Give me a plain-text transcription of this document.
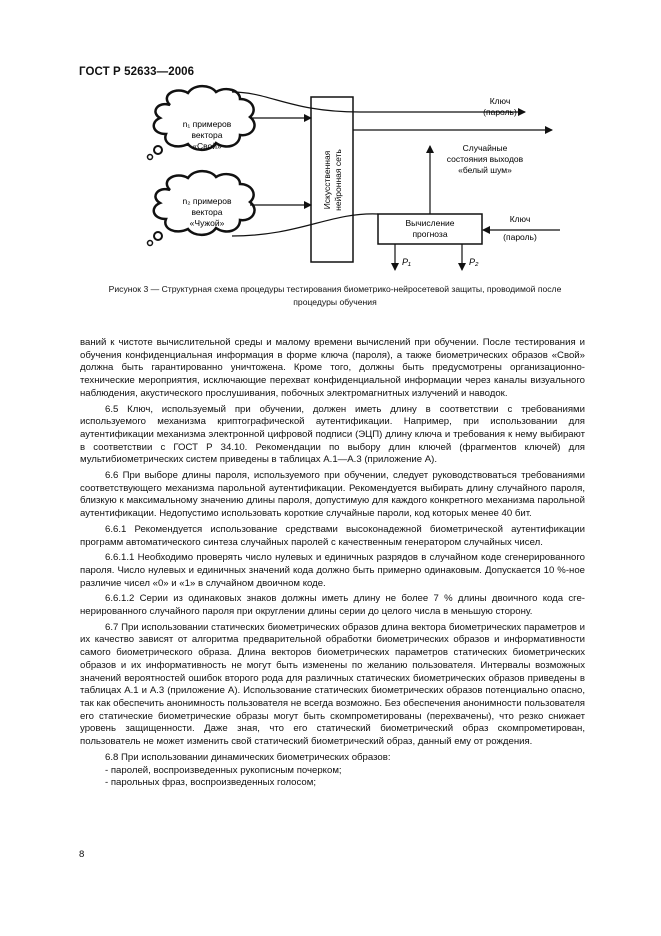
ГОСТ Р 52633—2006
n₁ примеров
вектора
«Свой»
n₂ примеров
вектора
«Чужой»
Искусственная нейронная сеть
Ключ
(пароль)
Случайные
состояния выходов
«белый шум»
Вычисление
прогноза
Ключ
(пароль)
P₁	P₂
Рисунок 3 — Структурная схема процедуры тестирования биометрико-нейросетевой защиты, проводимой после
процедуры обучения

ваний к чистоте вычислительной среды и малому времени вычислений при обучении. После тестирования и обучения конфиденциальная информация в форме ключа (пароля), а также биометрических образов «Свой» должна быть гарантированно уничтожена. Кроме того, должны быть предусмотрены организационно-технические мероприятия, исключающие перехват конфиденциальной информации через каналы визуального наблюдения, акустического прослушивания, побочных электромагнитных излучений и наводок.

6.5 Ключ, используемый при обучении, должен иметь длину в соответствии с требованиями используемого механизма криптографической аутентификации. Например, при использовании для аутентификации механизма электронной цифровой подписи (ЭЦП) длину ключа и требования к нему выбирают в соответствии с ГОСТ Р 34.10. Рекомендации по выбору длин ключей (фрагментов ключей) для мультибиометрических систем приведены в таблицах А.1—А.3 (приложение А).

6.6 При выборе длины пароля, используемого при обучении, следует руководствоваться требованиями соответствующего механизма парольной аутентификации. Рекомендуется выбирать длину случайного пароля, близкую к максимальному значению длины пароля, допустимую для каждого конкретного механизма парольной аутентификации. Недопустимо использовать короткие случайные пароли, код которых менее 40 бит.

6.6.1 Рекомендуется использование средствами высоконадежной биометрической аутентификации программ автоматического синтеза случайных паролей с качественным генератором случайных чисел.

6.6.1.1 Необходимо проверять число нулевых и единичных разрядов в случайном коде сгенерированного пароля. Число нулевых и единичных значений кода должно быть примерно одинаковым. Допускается 10 %-ное различие чисел «0» и «1» в случайном двоичном коде.

6.6.1.2 Серии из одинаковых знаков должны иметь длину не более 7 % длины двоичного кода сгенерированного случайного пароля при округлении длины серии до целого числа в меньшую сторону.

6.7 При использовании статических биометрических образов длина вектора биометрических параметров и их качество зависят от алгоритма предварительной обработки биометрических образов и информативности самого биометрического образа. Длина векторов биометрических параметров статических биометрических образов и их информативность не могут быть изменены по желанию пользователя. Интервалы возможных значений вероятностей ошибок второго рода для различных статических биометрических образов приведены в таблицах А.1 и А.3 (приложение А). Использование статических биометрических образов потенциально опасно, так как обеспечить анонимность пользователя не всегда возможно. Без обеспечения анонимности пользователя его статические биометрические образы могут быть скомпрометированы (перехвачены), что резко снижает уровень защищенности. Даже зная, что его статический биометрический образ скомпрометирован, пользователь не может изменить свой статический биометрический образ, данный ему от рождения.

6.8 При использовании динамических биометрических образов:

- паролей, воспроизведенных рукописным почерком;

- парольных фраз, воспроизведенных голосом;

8
